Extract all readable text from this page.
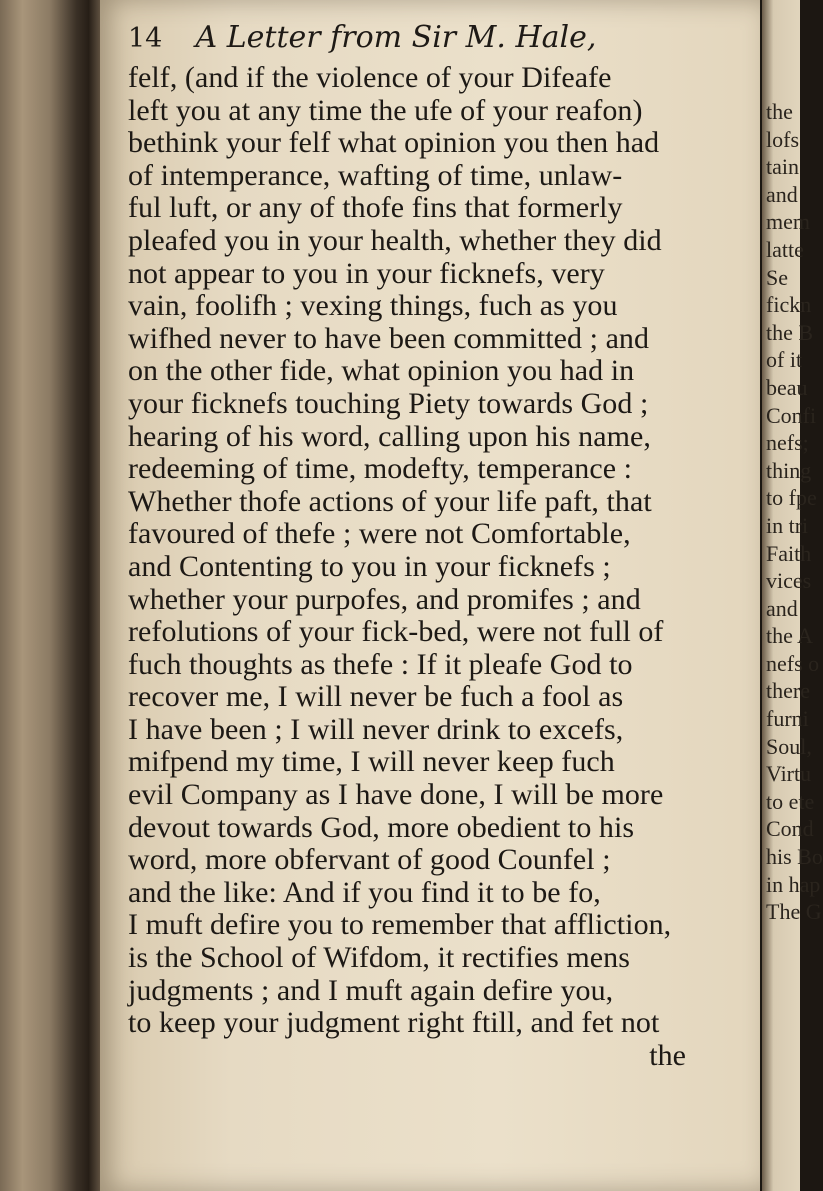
14 A Letter from Sir M. Hale,
felf, (and if the violence of your Difeafe
left you at any time the ufe of your reafon)
bethink your felf what opinion you then had
of intemperance, wafting of time, unlaw-
ful luft, or any of thofe fins that formerly
pleafed you in your health, whether they did
not appear to you in your ficknefs, very
vain, foolifh ; vexing things, fuch as you
wifhed never to have been committed ; and
on the other fide, what opinion you had in
your ficknefs touching Piety towards God ;
hearing of his word, calling upon his name,
redeeming of time, modefty, temperance :
Whether thofe actions of your life paft, that
favoured of thefe ; were not Comfortable,
and Contenting to you in your ficknefs ;
whether your purpofes, and promifes ; and
refolutions of your fick-bed, were not full of
fuch thoughts as thefe : If it pleafe God to
recover me, I will never be fuch a fool as
I have been ; I will never drink to excefs,
mifpend my time, I will never keep fuch
evil Company as I have done, I will be more
devout towards God, more obedient to his
word, more obfervant of good Counfel ;
and the like: And if you find it to be fo,
I muft defire you to remember that affliction,
is the School of Wifdom, it rectifies mens
judgments ; and I muft again defire you,
to keep your judgment right ftill, and fet not
the
the
lofs
tain
and
mem
latte
Se
fickn
the B
of it
beau
Confi
nefs;
thing
to fpe
in tri
Faith
vices
and
the A
nefs o
there
furni
Soul,
Virtu
to ete
Cond
his Bo
in hap
The G
